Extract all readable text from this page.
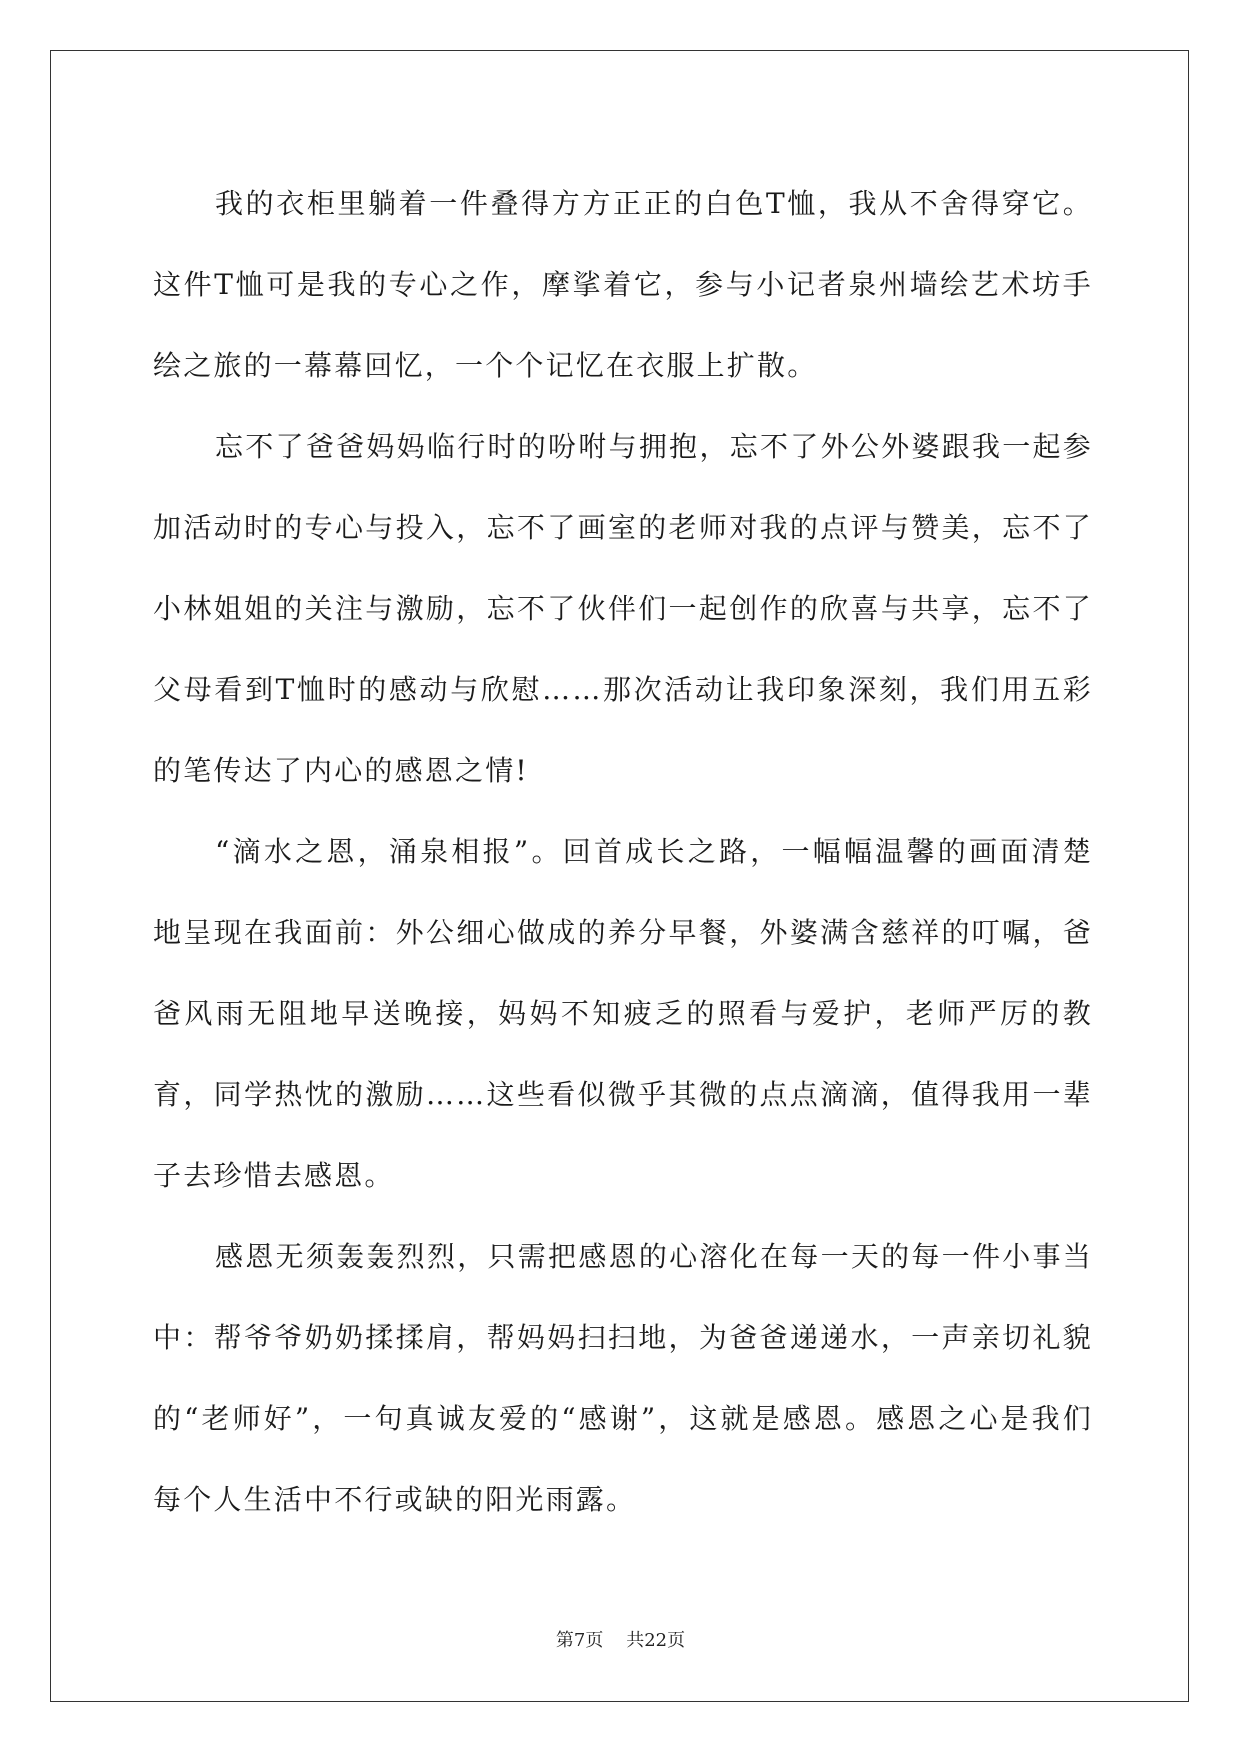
我的衣柜里躺着一件叠得方方正正的白色T恤，我从不舍得穿它。这件T恤可是我的专心之作，摩挲着它，参与小记者泉州墙绘艺术坊手绘之旅的一幕幕回忆，一个个记忆在衣服上扩散。

忘不了爸爸妈妈临行时的吩咐与拥抱，忘不了外公外婆跟我一起参加活动时的专心与投入，忘不了画室的老师对我的点评与赞美，忘不了小林姐姐的关注与激励，忘不了伙伴们一起创作的欣喜与共享，忘不了父母看到T恤时的感动与欣慰……那次活动让我印象深刻，我们用五彩的笔传达了内心的感恩之情!

“滴水之恩，涌泉相报”。回首成长之路，一幅幅温馨的画面清楚地呈现在我面前：外公细心做成的养分早餐，外婆满含慈祥的叮嘱，爸爸风雨无阻地早送晚接，妈妈不知疲乏的照看与爱护，老师严厉的教育，同学热忱的激励……这些看似微乎其微的点点滴滴，值得我用一辈子去珍惜去感恩。

感恩无须轰轰烈烈，只需把感恩的心溶化在每一天的每一件小事当中：帮爷爷奶奶揉揉肩，帮妈妈扫扫地，为爸爸递递水，一声亲切礼貌的“老师好”，一句真诚友爱的“感谢”，这就是感恩。感恩之心是我们每个人生活中不行或缺的阳光雨露。

第7页 共22页
